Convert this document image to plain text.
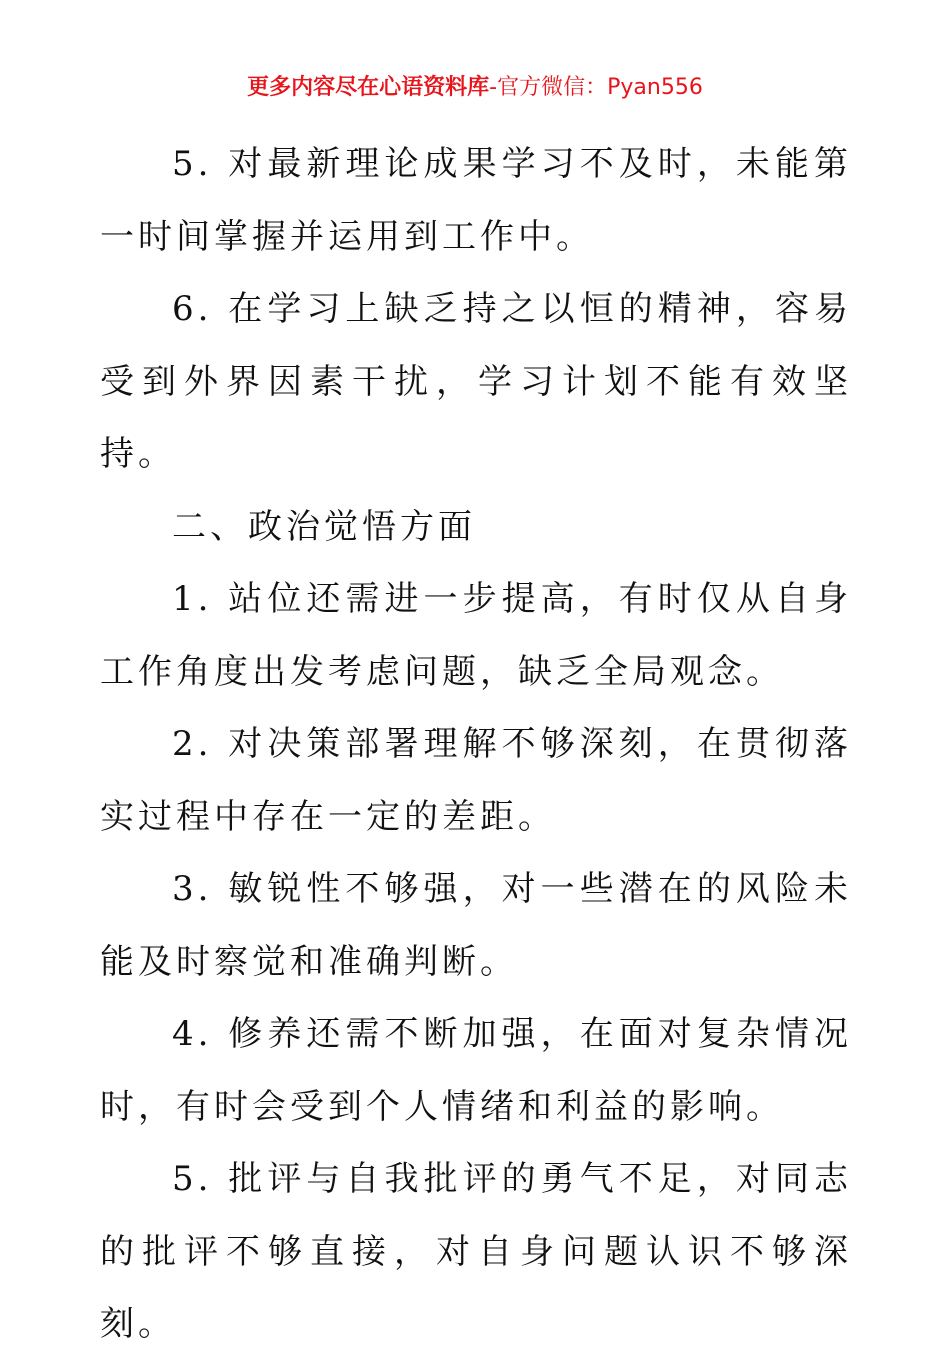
更多内容尽在心语资料库-官方微信：Pyan556

5. 对最新理论成果学习不及时，未能第一时间掌握并运用到工作中。

6. 在学习上缺乏持之以恒的精神，容易受到外界因素干扰，学习计划不能有效坚持。

二、政治觉悟方面

1. 站位还需进一步提高，有时仅从自身工作角度出发考虑问题，缺乏全局观念。

2. 对决策部署理解不够深刻，在贯彻落实过程中存在一定的差距。

3. 敏锐性不够强，对一些潜在的风险未能及时察觉和准确判断。

4. 修养还需不断加强，在面对复杂情况时，有时会受到个人情绪和利益的影响。

5. 批评与自我批评的勇气不足，对同志的批评不够直接，对自身问题认识不够深刻。
